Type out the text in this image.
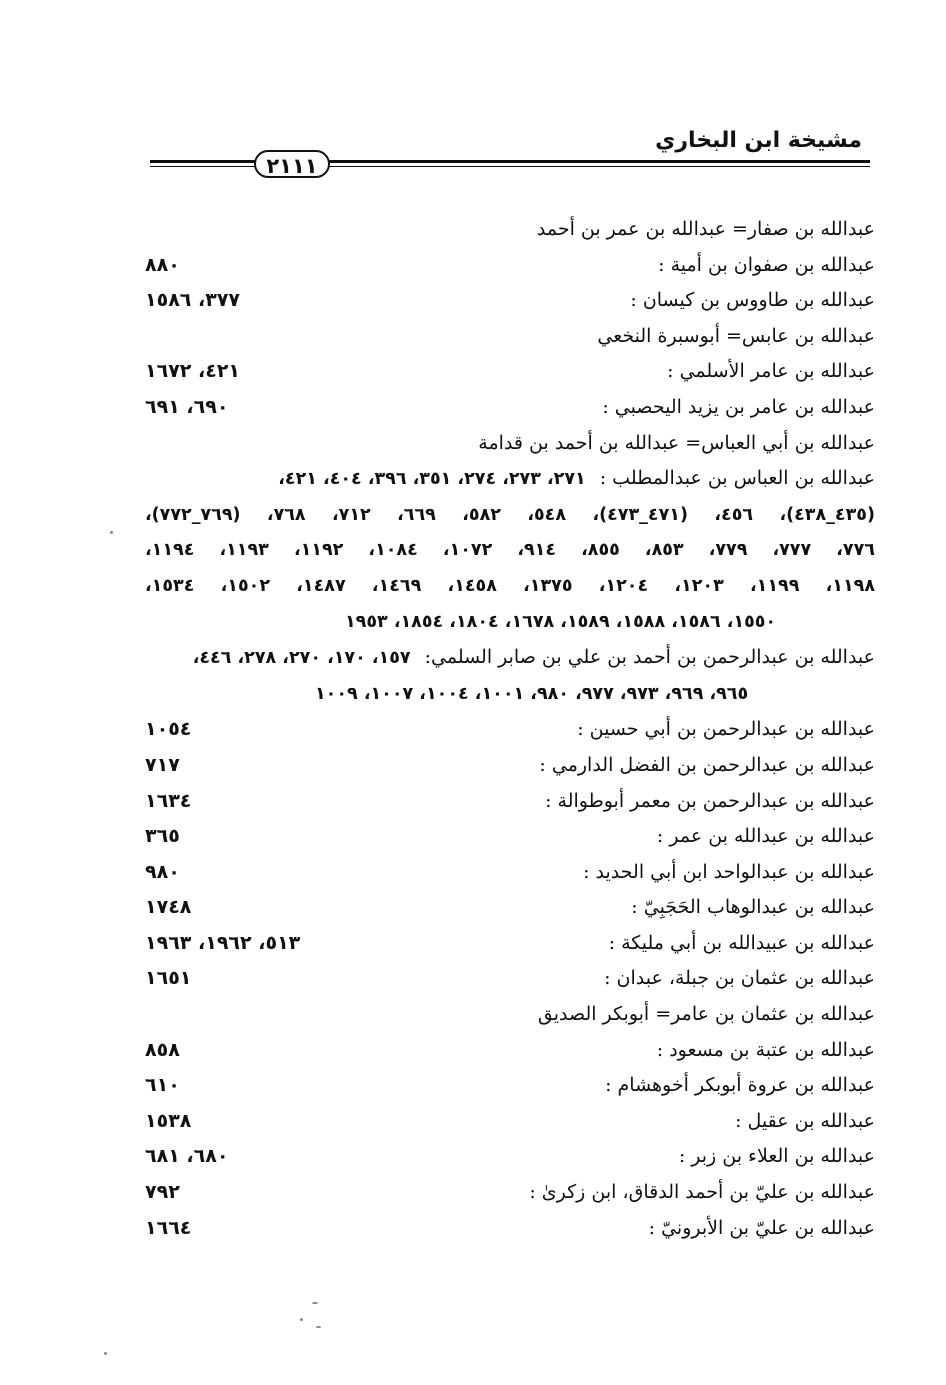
مشيخة ابن البخاري
٢١١١
عبدالله بن صفار= عبدالله بن عمر بن أحمد
عبدالله بن صفوان بن أمية :
٨٨٠
عبدالله بن طاووس بن كيسان :
٣٧٧، ١٥٨٦
عبدالله بن عابس= أبوسبرة النخعي
عبدالله بن عامر الأسلمي :
٤٢١، ١٦٧٢
عبدالله بن عامر بن يزيد اليحصبي :
٦٩٠، ٦٩١
عبدالله بن أبي العباس= عبدالله بن أحمد بن قدامة
عبدالله بن العباس بن عبدالمطلب :٢٧١، ٢٧٣، ٢٧٤، ٣٥١، ٣٩٦، ٤٠٤، ٤٢١،
(٤٣٥_٤٣٨)، ٤٥٦، (٤٧١_٤٧٣)، ٥٤٨، ٥٨٢، ٦٦٩، ٧١٢، ٧٦٨، (٧٦٩_٧٧٢)،
٧٧٦، ٧٧٧، ٧٧٩، ٨٥٣، ٨٥٥، ٩١٤، ١٠٧٢، ١٠٨٤، ١١٩٢، ١١٩٣، ١١٩٤،
١١٩٨، ١١٩٩، ١٢٠٣، ١٢٠٤، ١٣٧٥، ١٤٥٨، ١٤٦٩، ١٤٨٧، ١٥٠٢، ١٥٣٤،
١٥٥٠، ١٥٨٦، ١٥٨٨، ١٥٨٩، ١٦٧٨، ١٨٠٤، ١٨٥٤، ١٩٥٣
عبدالله بن عبدالرحمن بن أحمد بن علي بن صابر السلمي:١٥٧، ١٧٠، ٢٧٠، ٢٧٨، ٤٤٦،
٩٦٥، ٩٦٩، ٩٧٣، ٩٧٧، ٩٨٠، ١٠٠١، ١٠٠٤، ١٠٠٧، ١٠٠٩
عبدالله بن عبدالرحمن بن أبي حسين :
١٠٥٤
عبدالله بن عبدالرحمن بن الفضل الدارمي :
٧١٧
عبدالله بن عبدالرحمن بن معمر أبوطوالة :
١٦٣٤
عبدالله بن عبدالله بن عمر :
٣٦٥
عبدالله بن عبدالواحد ابن أبي الحديد :
٩٨٠
عبدالله بن عبدالوهاب الحَجَبِيّ :
١٧٤٨
عبدالله بن عبيدالله بن أبي مليكة :
٥١٣، ١٩٦٢، ١٩٦٣
عبدالله بن عثمان بن جبلة، عبدان :
١٦٥١
عبدالله بن عثمان بن عامر= أبوبكر الصديق
عبدالله بن عتبة بن مسعود :
٨٥٨
عبدالله بن عروة أبوبكر أخوهشام :
٦١٠
عبدالله بن عقيل :
١٥٣٨
عبدالله بن العلاء بن زبر :
٦٨٠، ٦٨١
عبدالله بن عليّ بن أحمد الدقاق، ابن زكرىٰ :
٧٩٢
عبدالله بن عليّ بن الأبرونيّ :
١٦٦٤
